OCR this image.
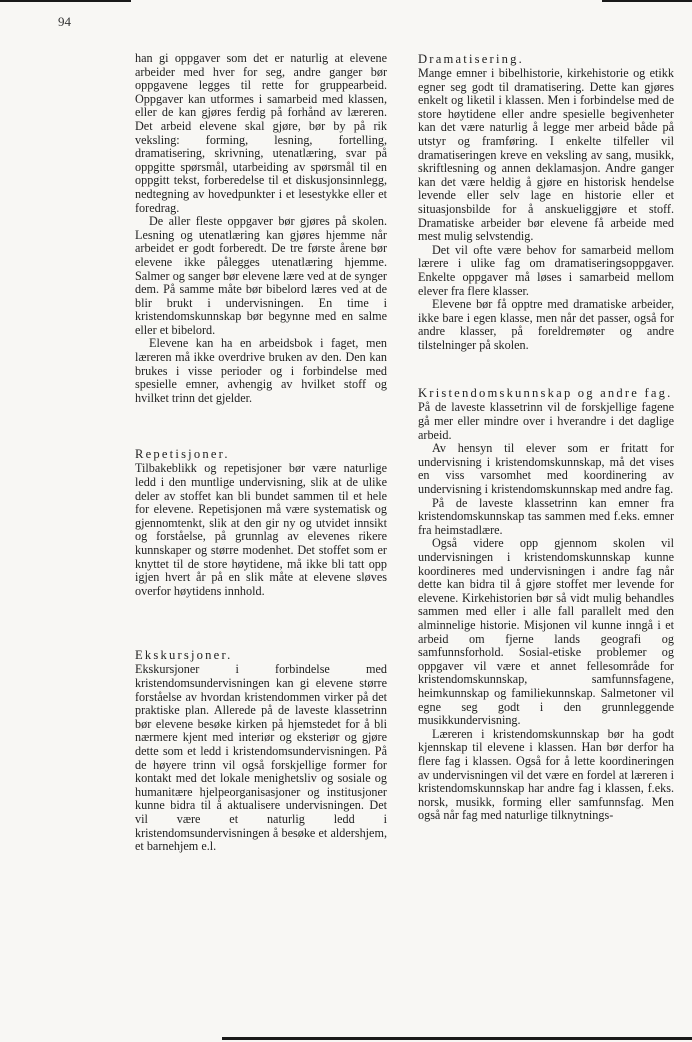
94

han gi oppgaver som det er naturlig at elevene arbeider med hver for seg, andre ganger bør oppgavene legges til rette for gruppearbeid. Oppgaver kan utformes i samarbeid med klassen, eller de kan gjøres ferdig på forhånd av læreren. Det arbeid elevene skal gjøre, bør by på rik veksling: forming, lesning, fortelling, dramatisering, skrivning, utenatlæring, svar på oppgitte spørsmål, utarbeiding av spørsmål til en oppgitt tekst, forberedelse til et diskusjonsinnlegg, nedtegning av hovedpunkter i et lesestykke eller et foredrag.

De aller fleste oppgaver bør gjøres på skolen. Lesning og utenatlæring kan gjøres hjemme når arbeidet er godt forberedt. De tre første årene bør elevene ikke pålegges utenatlæring hjemme. Salmer og sanger bør elevene lære ved at de synger dem. På samme måte bør bibelord læres ved at de blir brukt i undervisningen. En time i kristendomskunnskap bør begynne med en salme eller et bibelord.

Elevene kan ha en arbeidsbok i faget, men læreren må ikke overdrive bruken av den. Den kan brukes i visse perioder og i forbindelse med spesielle emner, avhengig av hvilket stoff og hvilket trinn det gjelder.

Repetisjoner.

Tilbakeblikk og repetisjoner bør være naturlige ledd i den muntlige undervisning, slik at de ulike deler av stoffet kan bli bundet sammen til et hele for elevene. Repetisjonen må være systematisk og gjennomtenkt, slik at den gir ny og utvidet innsikt og forståelse, på grunnlag av elevenes rikere kunnskaper og større modenhet. Det stoffet som er knyttet til de store høytidene, må ikke bli tatt opp igjen hvert år på en slik måte at elevene sløves overfor høytidens innhold.

Ekskursjoner.

Ekskursjoner i forbindelse med kristendomsundervisningen kan gi elevene større forståelse av hvordan kristendommen virker på det praktiske plan. Allerede på de laveste klassetrinn bør elevene besøke kirken på hjemstedet for å bli nærmere kjent med interiør og eksteriør og gjøre dette som et ledd i kristendomsundervisningen. På de høyere trinn vil også forskjellige former for kontakt med det lokale menighetsliv og sosiale og humanitære hjelpeorganisasjoner og institusjoner kunne bidra til å aktualisere undervisningen. Det vil være et naturlig ledd i kristendomsundervisningen å besøke et aldershjem, et barnehjem e.l.

Dramatisering.

Mange emner i bibelhistorie, kirkehistorie og etikk egner seg godt til dramatisering. Dette kan gjøres enkelt og liketil i klassen. Men i forbindelse med de store høytidene eller andre spesielle begivenheter kan det være naturlig å legge mer arbeid både på utstyr og framføring. I enkelte tilfeller vil dramatiseringen kreve en veksling av sang, musikk, skriftlesning og annen deklamasjon. Andre ganger kan det være heldig å gjøre en historisk hendelse levende eller selv lage en historie eller et situasjonsbilde for å anskueliggjøre et stoff. Dramatiske arbeider bør elevene få arbeide med mest mulig selvstendig.

Det vil ofte være behov for samarbeid mellom lærere i ulike fag om dramatiseringsoppgaver. Enkelte oppgaver må løses i samarbeid mellom elever fra flere klasser.

Elevene bør få opptre med dramatiske arbeider, ikke bare i egen klasse, men når det passer, også for andre klasser, på foreldremøter og andre tilstelninger på skolen.

Kristendomskunnskap og andre fag.

På de laveste klassetrinn vil de forskjellige fagene gå mer eller mindre over i hverandre i det daglige arbeid.

Av hensyn til elever som er fritatt for undervisning i kristendomskunnskap, må det vises en viss varsomhet med koordinering av undervisning i kristendomskunnskap med andre fag.

På de laveste klassetrinn kan emner fra kristendomskunnskap tas sammen med f.eks. emner fra heimstadlære.

Også videre opp gjennom skolen vil undervisningen i kristendomskunnskap kunne koordineres med undervisningen i andre fag når dette kan bidra til å gjøre stoffet mer levende for elevene. Kirkehistorien bør så vidt mulig behandles sammen med eller i alle fall parallelt med den alminnelige historie. Misjonen vil kunne inngå i et arbeid om fjerne lands geografi og samfunnsforhold. Sosial-etiske problemer og oppgaver vil være et annet fellesområde for kristendomskunnskap, samfunnsfagene, heimkunnskap og familiekunnskap. Salmetoner vil egne seg godt i den grunnleggende musikkundervisning.

Læreren i kristendomskunnskap bør ha godt kjennskap til elevene i klassen. Han bør derfor ha flere fag i klassen. Også for å lette koordineringen av undervisningen vil det være en fordel at læreren i kristendomskunnskap har andre fag i klassen, f.eks. norsk, musikk, forming eller samfunnsfag. Men også når fag med naturlige tilknytnings-
